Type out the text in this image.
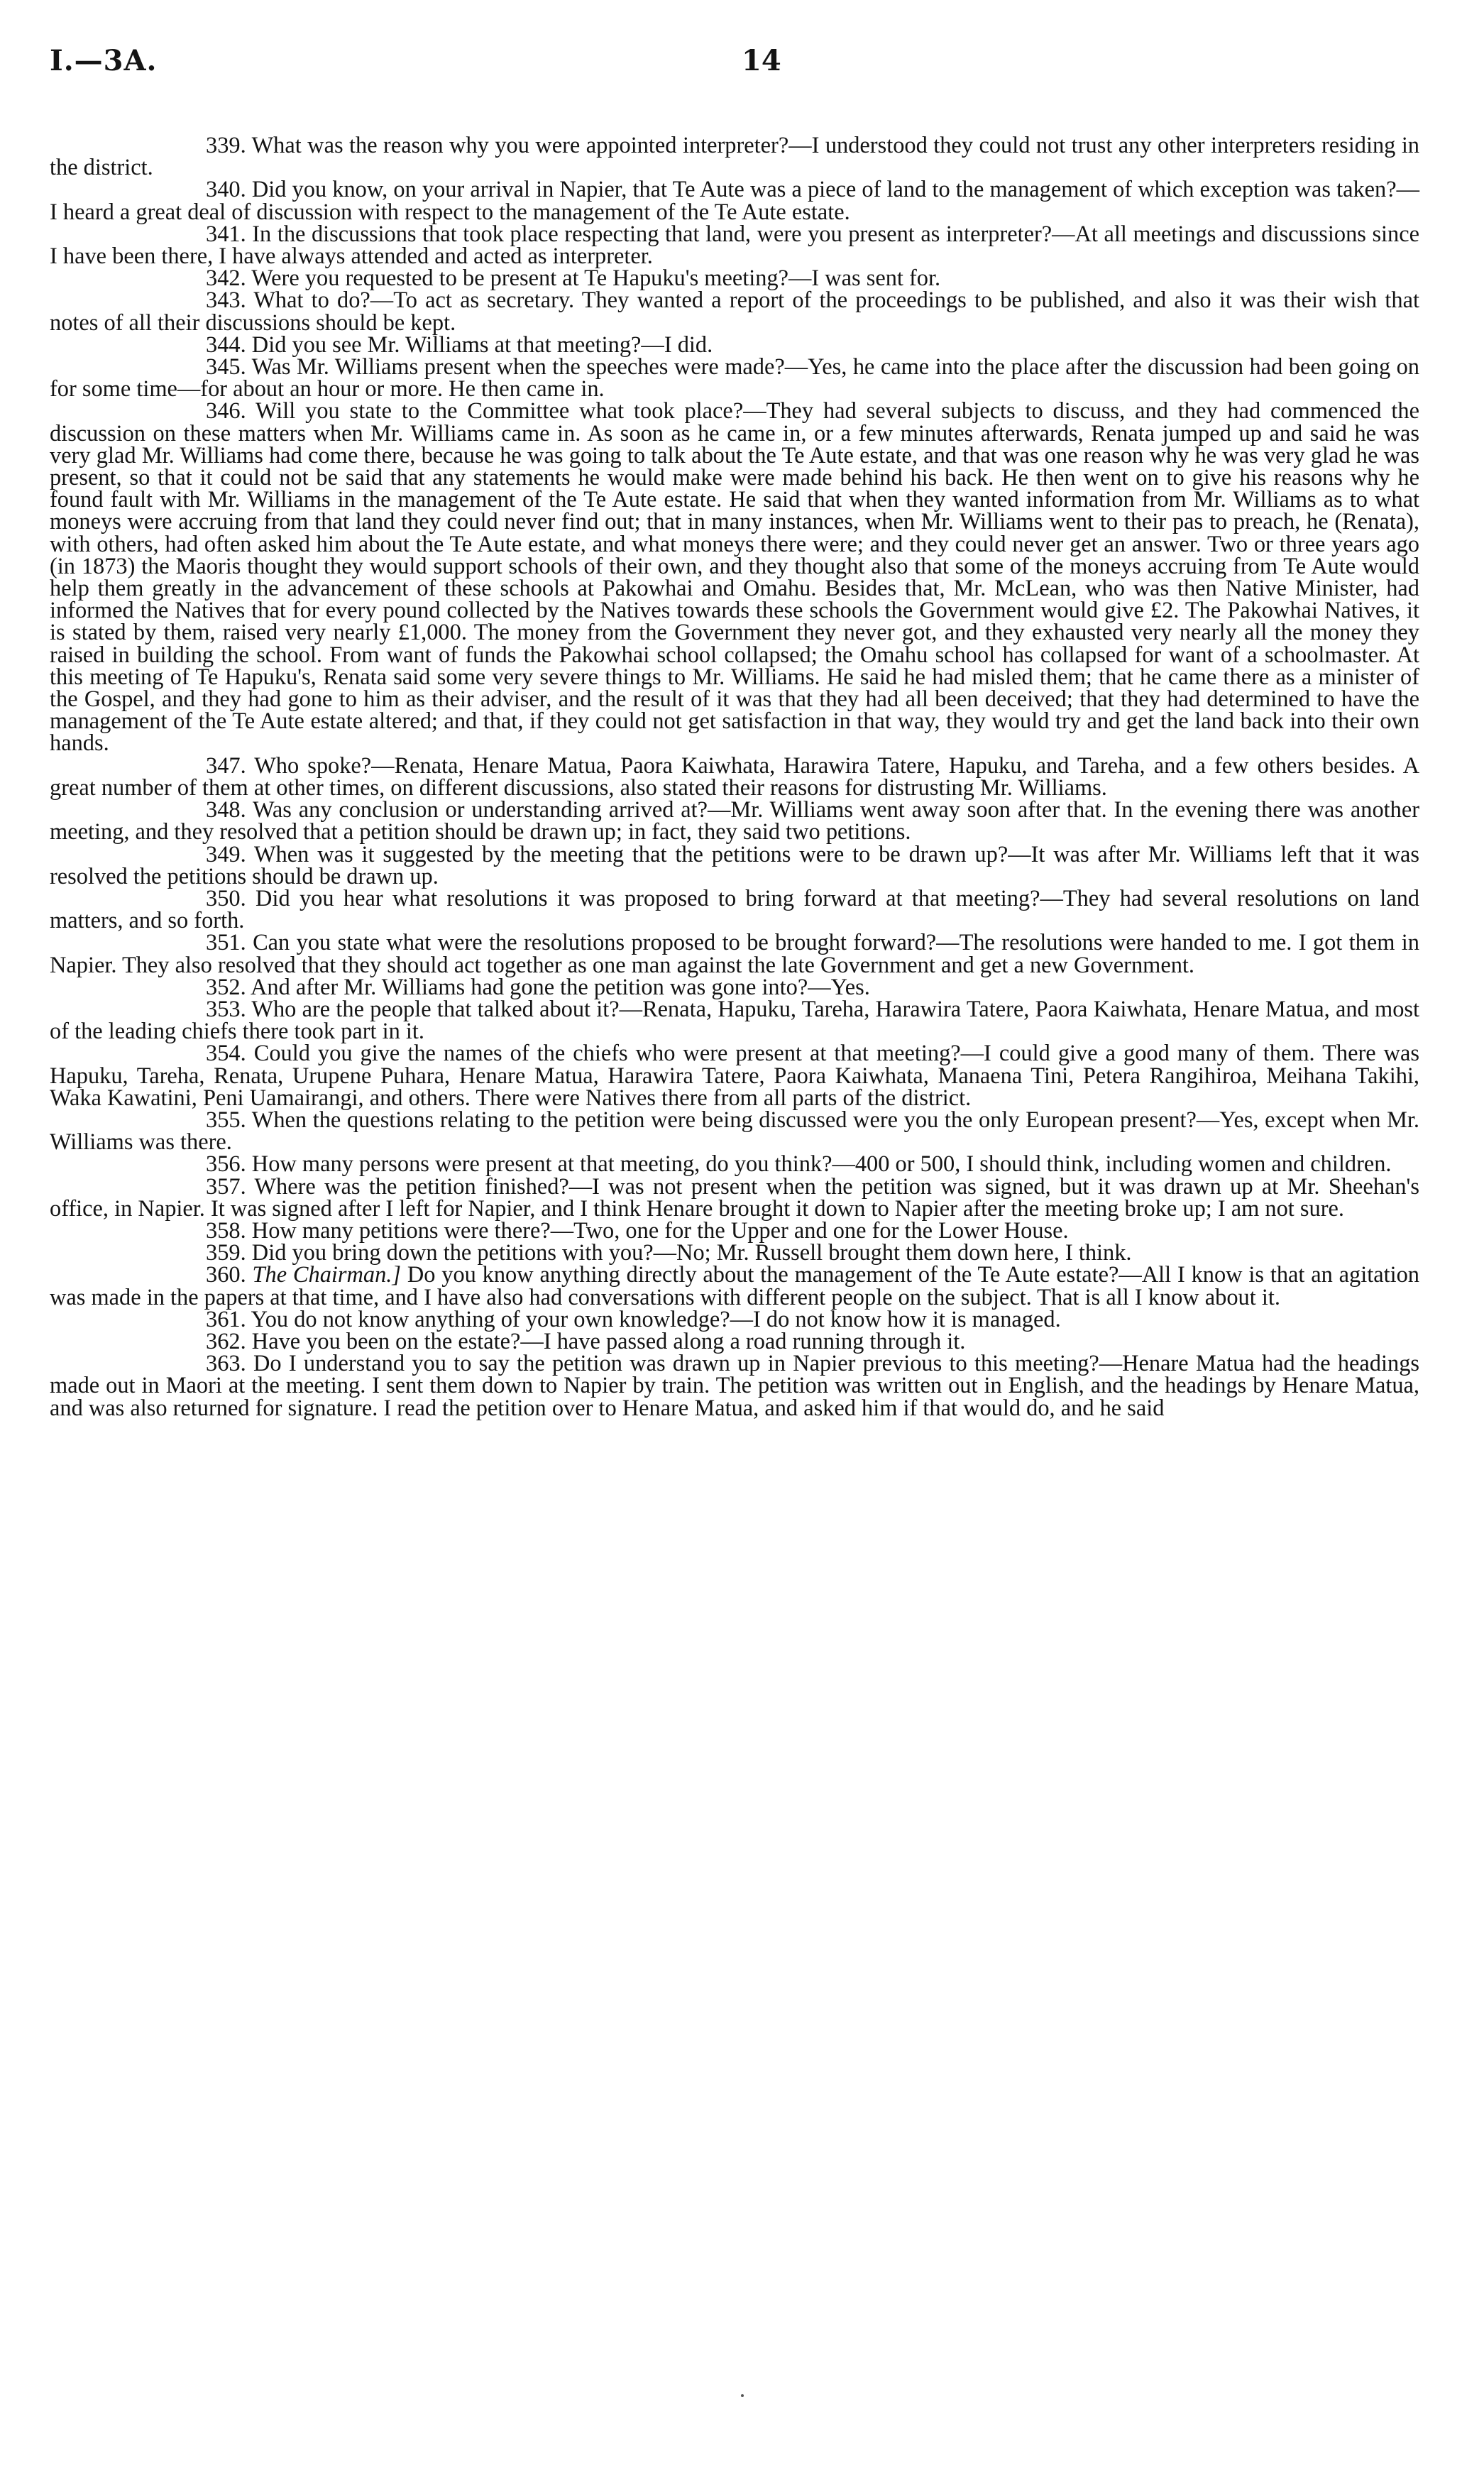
I.—3A.	14

339. What was the reason why you were appointed interpreter?—I understood they could not trust any other interpreters residing in the district.

340. Did you know, on your arrival in Napier, that Te Aute was a piece of land to the management of which exception was taken?—I heard a great deal of discussion with respect to the management of the Te Aute estate.

341. In the discussions that took place respecting that land, were you present as interpreter?—At all meetings and discussions since I have been there, I have always attended and acted as interpreter.

342. Were you requested to be present at Te Hapuku's meeting?—I was sent for.

343. What to do?—To act as secretary. They wanted a report of the proceedings to be published, and also it was their wish that notes of all their discussions should be kept.

344. Did you see Mr. Williams at that meeting?—I did.

345. Was Mr. Williams present when the speeches were made?—Yes, he came into the place after the discussion had been going on for some time—for about an hour or more. He then came in.

346. Will you state to the Committee what took place?—They had several subjects to discuss, and they had commenced the discussion on these matters when Mr. Williams came in. As soon as he came in, or a few minutes afterwards, Renata jumped up and said he was very glad Mr. Williams had come there, because he was going to talk about the Te Aute estate, and that was one reason why he was very glad he was present, so that it could not be said that any statements he would make were made behind his back. He then went on to give his reasons why he found fault with Mr. Williams in the management of the Te Aute estate. He said that when they wanted information from Mr. Williams as to what moneys were accruing from that land they could never find out; that in many instances, when Mr. Williams went to their pas to preach, he (Renata), with others, had often asked him about the Te Aute estate, and what moneys there were; and they could never get an answer. Two or three years ago (in 1873) the Maoris thought they would support schools of their own, and they thought also that some of the moneys accruing from Te Aute would help them greatly in the advancement of these schools at Pakowhai and Omahu. Besides that, Mr. McLean, who was then Native Minister, had informed the Natives that for every pound collected by the Natives towards these schools the Government would give £2. The Pakowhai Natives, it is stated by them, raised very nearly £1,000. The money from the Government they never got, and they exhausted very nearly all the money they raised in building the school. From want of funds the Pakowhai school collapsed; the Omahu school has collapsed for want of a schoolmaster. At this meeting of Te Hapuku's, Renata said some very severe things to Mr. Williams. He said he had misled them; that he came there as a minister of the Gospel, and they had gone to him as their adviser, and the result of it was that they had all been deceived; that they had determined to have the management of the Te Aute estate altered; and that, if they could not get satisfaction in that way, they would try and get the land back into their own hands.

347. Who spoke?—Renata, Henare Matua, Paora Kaiwhata, Harawira Tatere, Hapuku, and Tareha, and a few others besides. A great number of them at other times, on different discussions, also stated their reasons for distrusting Mr. Williams.

348. Was any conclusion or understanding arrived at?—Mr. Williams went away soon after that. In the evening there was another meeting, and they resolved that a petition should be drawn up; in fact, they said two petitions.

349. When was it suggested by the meeting that the petitions were to be drawn up?—It was after Mr. Williams left that it was resolved the petitions should be drawn up.

350. Did you hear what resolutions it was proposed to bring forward at that meeting?—They had several resolutions on land matters, and so forth.

351. Can you state what were the resolutions proposed to be brought forward?—The resolutions were handed to me. I got them in Napier. They also resolved that they should act together as one man against the late Government and get a new Government.

352. And after Mr. Williams had gone the petition was gone into?—Yes.

353. Who are the people that talked about it?—Renata, Hapuku, Tareha, Harawira Tatere, Paora Kaiwhata, Henare Matua, and most of the leading chiefs there took part in it.

354. Could you give the names of the chiefs who were present at that meeting?—I could give a good many of them. There was Hapuku, Tareha, Renata, Urupene Puhara, Henare Matua, Harawira Tatere, Paora Kaiwhata, Manaena Tini, Petera Rangihiroa, Meihana Takihi, Waka Kawatini, Peni Uamairangi, and others. There were Natives there from all parts of the district.

355. When the questions relating to the petition were being discussed were you the only European present?—Yes, except when Mr. Williams was there.

356. How many persons were present at that meeting, do you think?—400 or 500, I should think, including women and children.

357. Where was the petition finished?—I was not present when the petition was signed, but it was drawn up at Mr. Sheehan's office, in Napier. It was signed after I left for Napier, and I think Henare brought it down to Napier after the meeting broke up; I am not sure.

358. How many petitions were there?—Two, one for the Upper and one for the Lower House.

359. Did you bring down the petitions with you?—No; Mr. Russell brought them down here, I think.

360. The Chairman.] Do you know anything directly about the management of the Te Aute estate?—All I know is that an agitation was made in the papers at that time, and I have also had conversations with different people on the subject. That is all I know about it.

361. You do not know anything of your own knowledge?—I do not know how it is managed.

362. Have you been on the estate?—I have passed along a road running through it.

363. Do I understand you to say the petition was drawn up in Napier previous to this meeting?—Henare Matua had the headings made out in Maori at the meeting. I sent them down to Napier by train. The petition was written out in English, and the headings by Henare Matua, and was also returned for signature. I read the petition over to Henare Matua, and asked him if that would do, and he said
